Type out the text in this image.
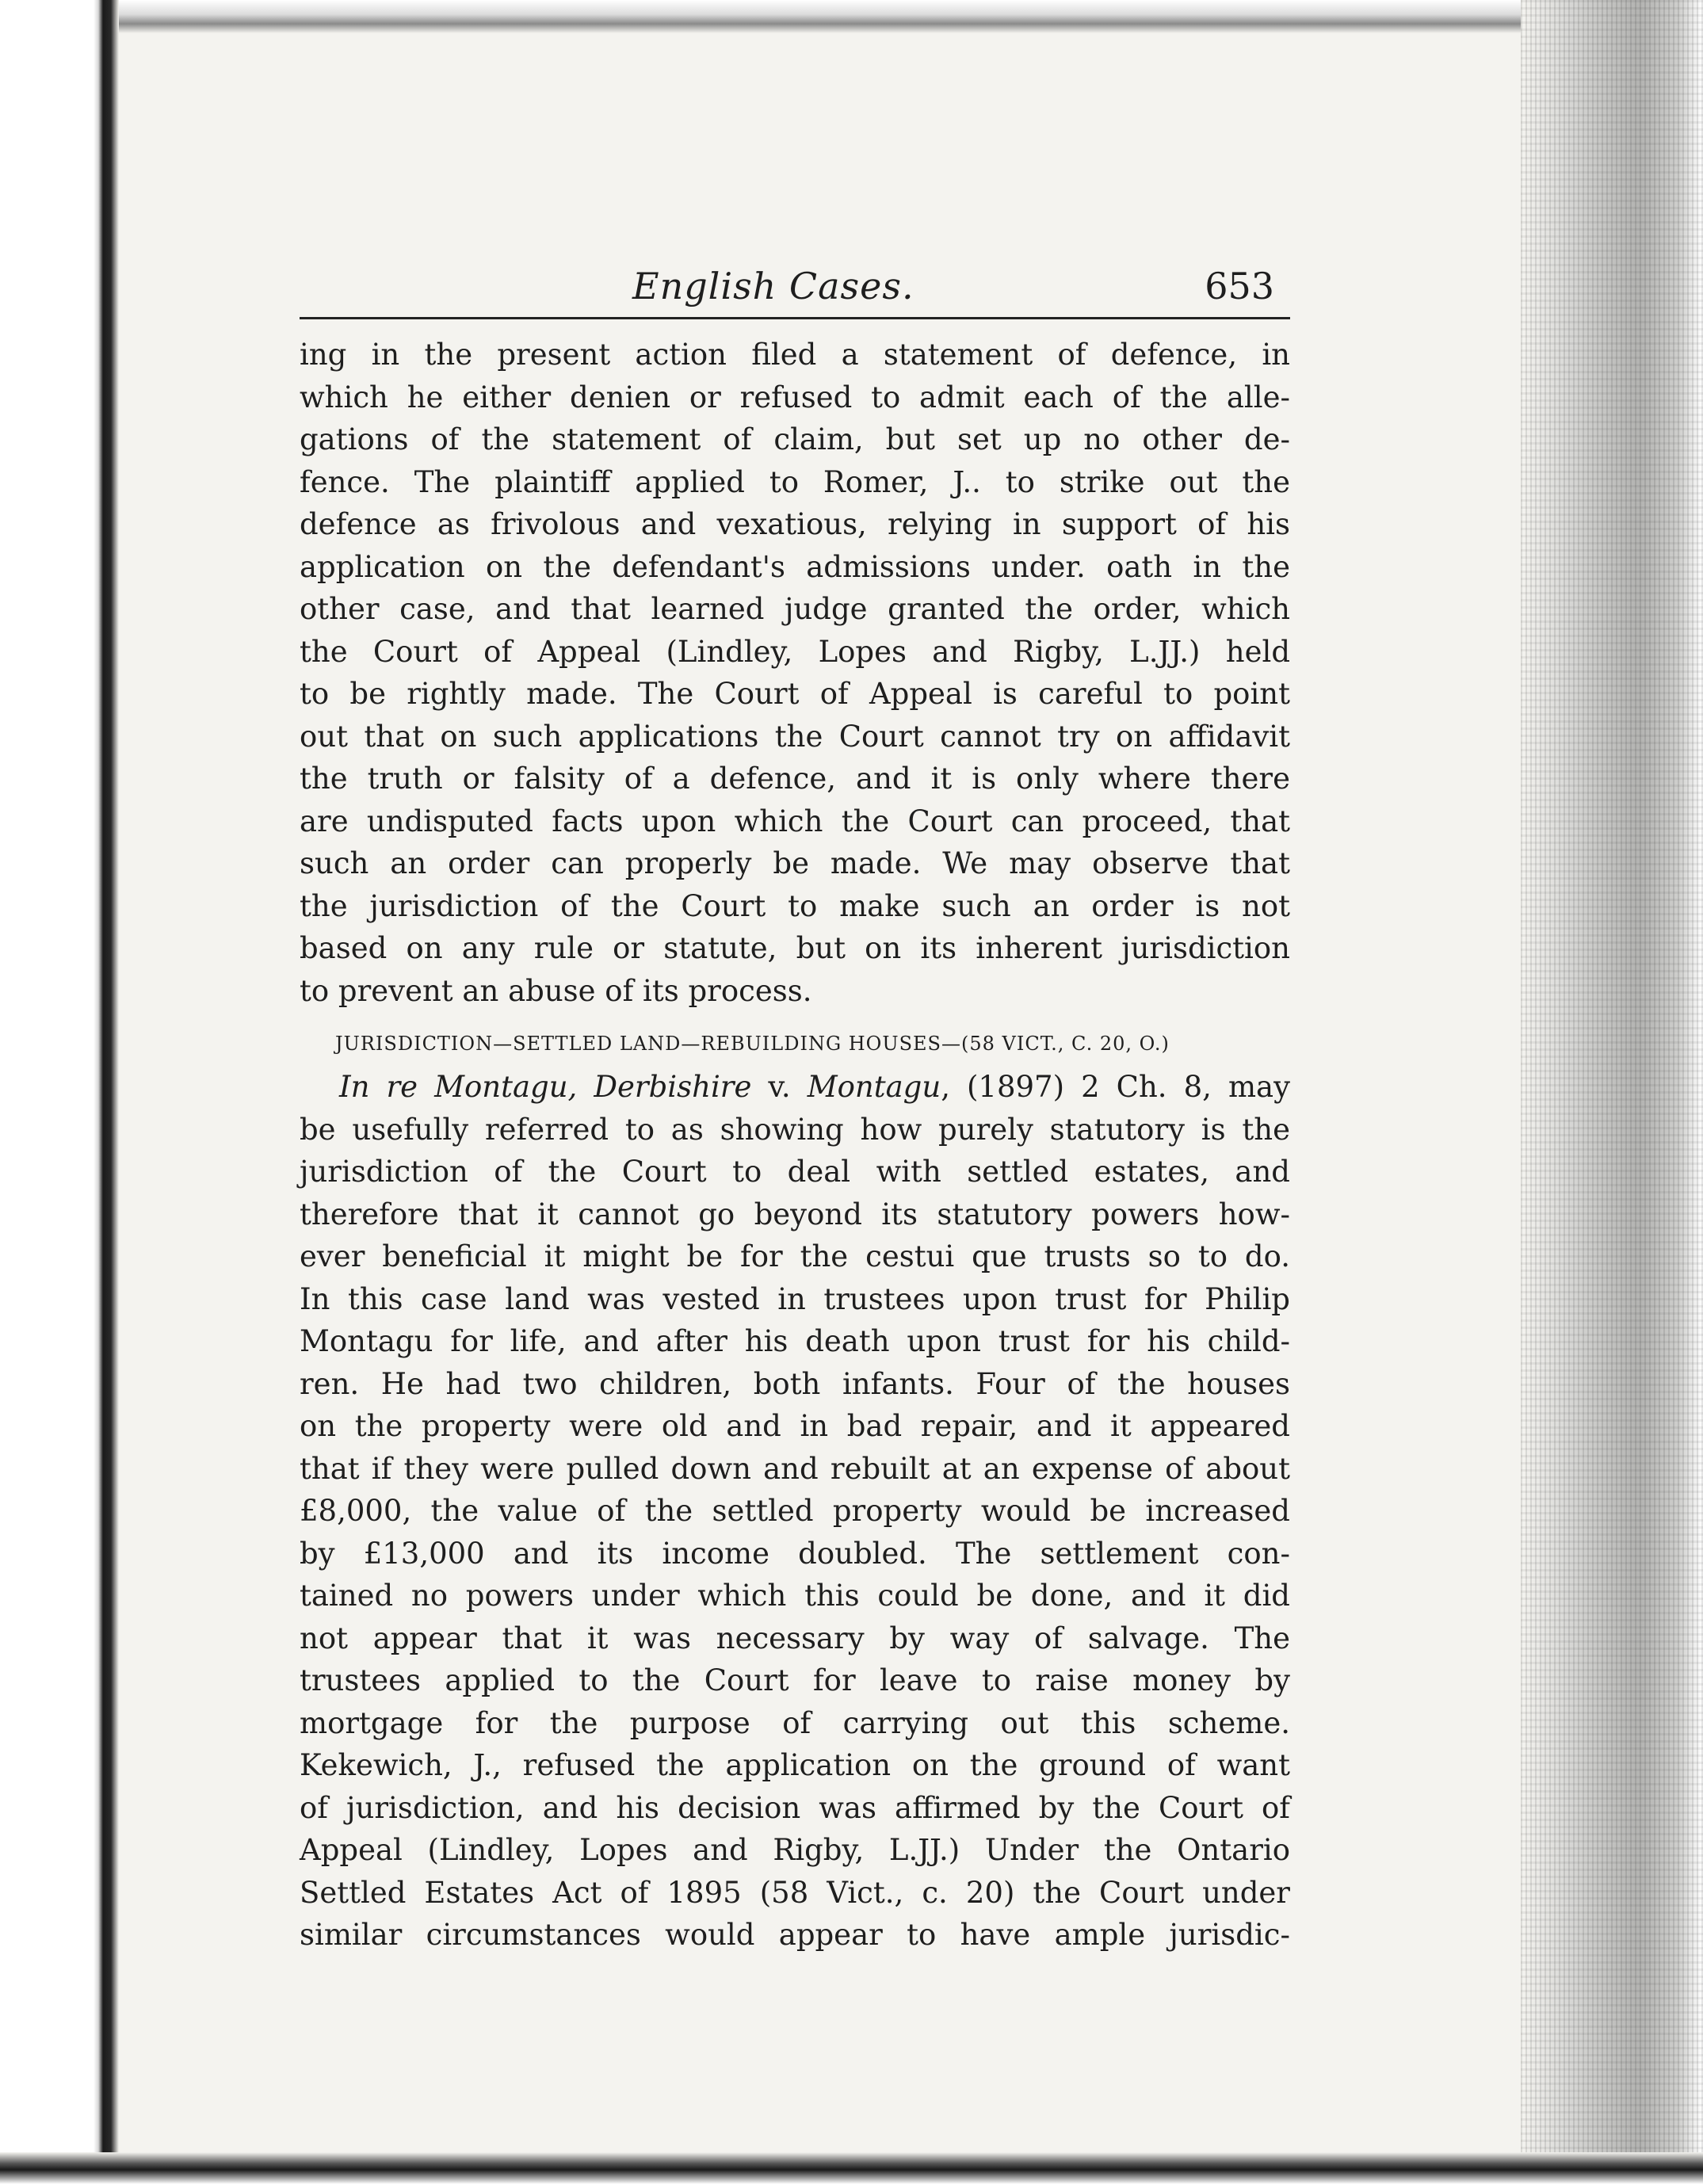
English Cases.	653
ing in the present action filed a statement of defence, in
which he either denien or refused to admit each of the alle-
gations of the statement of claim, but set up no other de-
fence. The plaintiff applied to Romer, J.. to strike out the
defence as frivolous and vexatious, relying in support of his
application on the defendant's admissions under. oath in the
other case, and that learned judge granted the order, which
the Court of Appeal (Lindley, Lopes and Rigby, L.JJ.) held
to be rightly made. The Court of Appeal is careful to point
out that on such applications the Court cannot try on affidavit
the truth or falsity of a defence, and it is only where there
are undisputed facts upon which the Court can proceed, that
such an order can properly be made. We may observe that
the jurisdiction of the Court to make such an order is not
based on any rule or statute, but on its inherent jurisdiction
to prevent an abuse of its process.
JURISDICTION—SETTLED LAND—REBUILDING HOUSES—(58 VICT., C. 20, O.)
In re Montagu, Derbishire v. Montagu, (1897) 2 Ch. 8, may
be usefully referred to as showing how purely statutory is the
jurisdiction of the Court to deal with settled estates, and
therefore that it cannot go beyond its statutory powers how-
ever beneficial it might be for the cestui que trusts so to do.
In this case land was vested in trustees upon trust for Philip
Montagu for life, and after his death upon trust for his child-
ren. He had two children, both infants. Four of the houses
on the property were old and in bad repair, and it appeared
that if they were pulled down and rebuilt at an expense of about
£8,000, the value of the settled property would be increased
by £13,000 and its income doubled. The settlement con-
tained no powers under which this could be done, and it did
not appear that it was necessary by way of salvage. The
trustees applied to the Court for leave to raise money by
mortgage for the purpose of carrying out this scheme.
Kekewich, J., refused the application on the ground of want
of jurisdiction, and his decision was affirmed by the Court of
Appeal (Lindley, Lopes and Rigby, L.JJ.) Under the Ontario
Settled Estates Act of 1895 (58 Vict., c. 20) the Court under
similar circumstances would appear to have ample jurisdic-
